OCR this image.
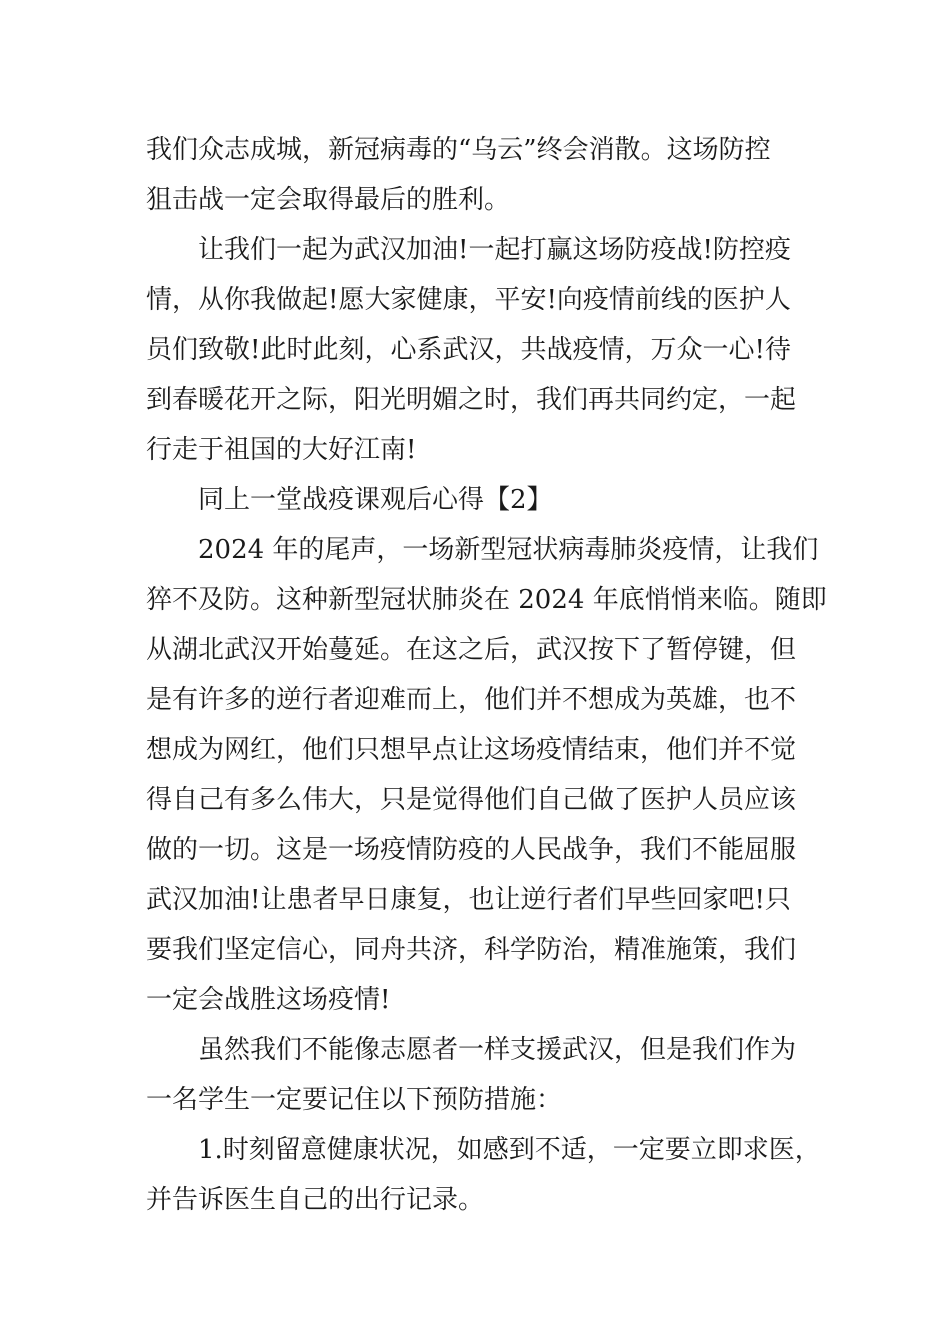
我们众志成城，新冠病毒的“乌云”终会消散。这场防控
狙击战一定会取得最后的胜利。
让我们一起为武汉加油!一起打赢这场防疫战!防控疫
情，从你我做起!愿大家健康，平安!向疫情前线的医护人
员们致敬!此时此刻，心系武汉，共战疫情，万众一心!待
到春暖花开之际，阳光明媚之时，我们再共同约定，一起
行走于祖国的大好江南!
同上一堂战疫课观后心得【2】
2024 年的尾声，一场新型冠状病毒肺炎疫情，让我们
猝不及防。这种新型冠状肺炎在 2024 年底悄悄来临。随即
从湖北武汉开始蔓延。在这之后，武汉按下了暂停键，但
是有许多的逆行者迎难而上，他们并不想成为英雄，也不
想成为网红，他们只想早点让这场疫情结束，他们并不觉
得自己有多么伟大，只是觉得他们自己做了医护人员应该
做的一切。这是一场疫情防疫的人民战争，我们不能屈服
武汉加油!让患者早日康复，也让逆行者们早些回家吧!只
要我们坚定信心，同舟共济，科学防治，精准施策，我们
一定会战胜这场疫情!
虽然我们不能像志愿者一样支援武汉，但是我们作为
一名学生一定要记住以下预防措施：
1.时刻留意健康状况，如感到不适，一定要立即求医，
并告诉医生自己的出行记录。
